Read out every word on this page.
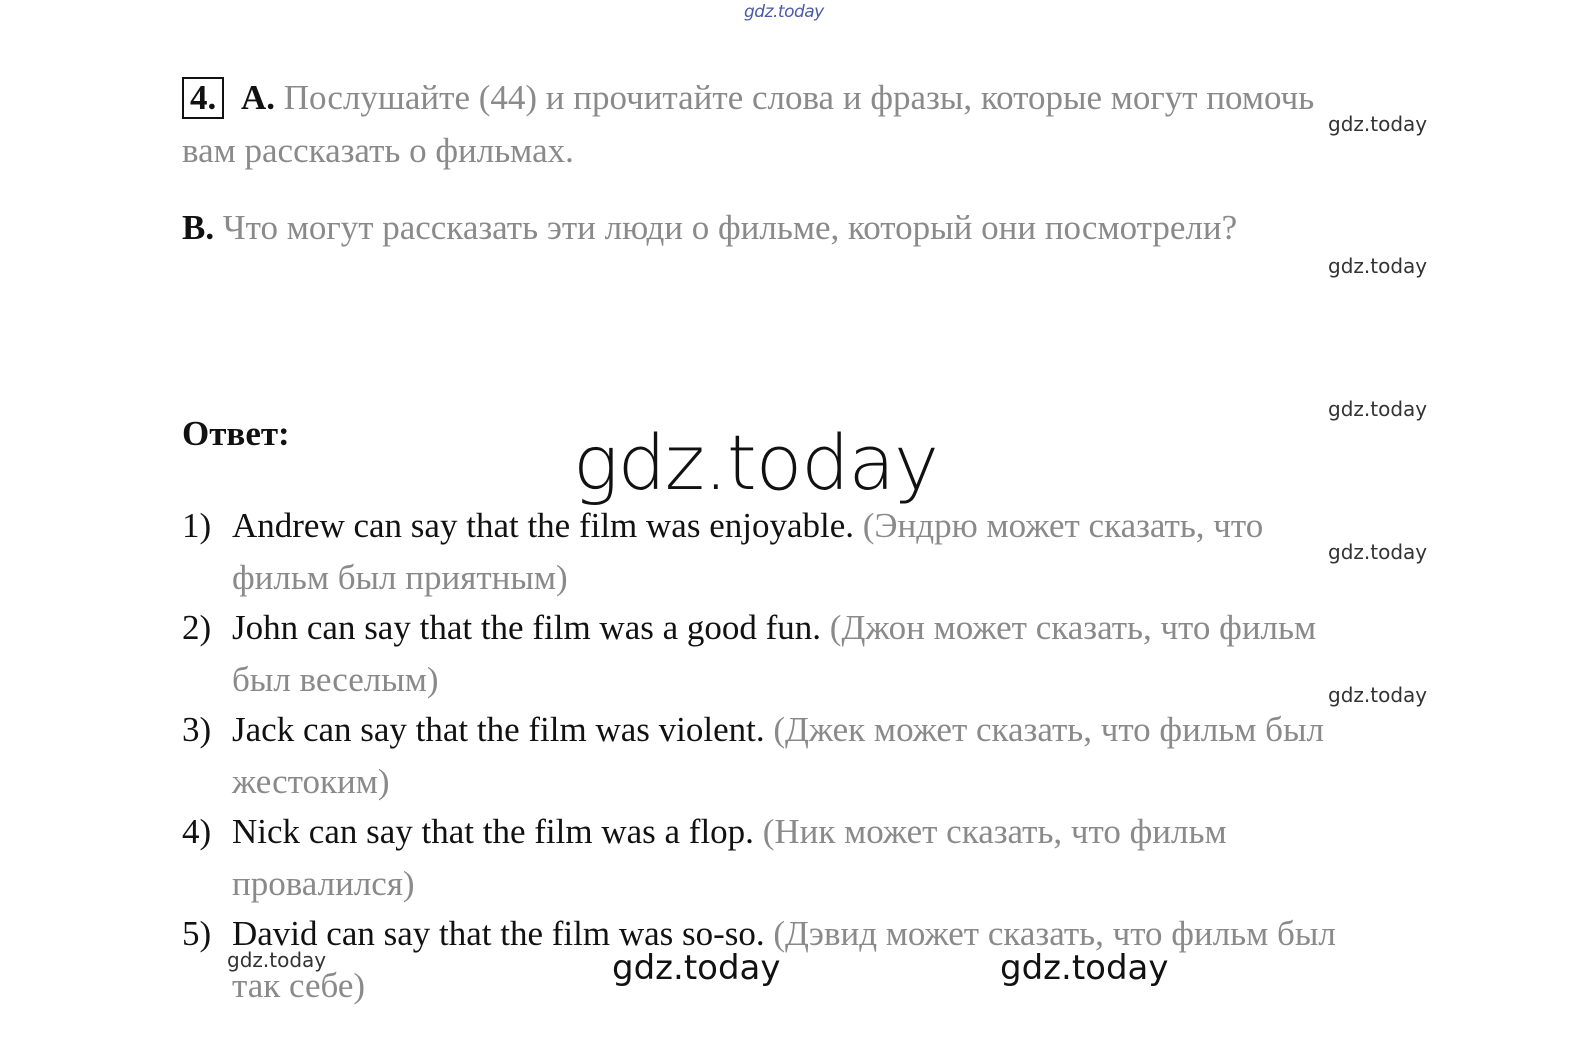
gdz.today
4. A. Послушайте (44) и прочитайте слова и фразы, которые могут помочь
вам рассказать о фильмах.
B. Что могут рассказать эти люди о фильме, который они посмотрели?
gdz.today
gdz.today
gdz.today
gdz.today
gdz.today
gdz.today
Ответ:	gdz.today
1) Andrew can say that the film was enjoyable. (Эндрю может сказать, что
фильм был приятным)
2) John can say that the film was a good fun. (Джон может сказать, что фильм
был веселым)
3) Jack can say that the film was violent. (Джек может сказать, что фильм был
жестоким)
4) Nick can say that the film was a flop. (Ник может сказать, что фильм
провалился)
5) David can say that the film was so-so. (Дэвид может сказать, что фильм был
так себе)	gdz.today	gdz.today
